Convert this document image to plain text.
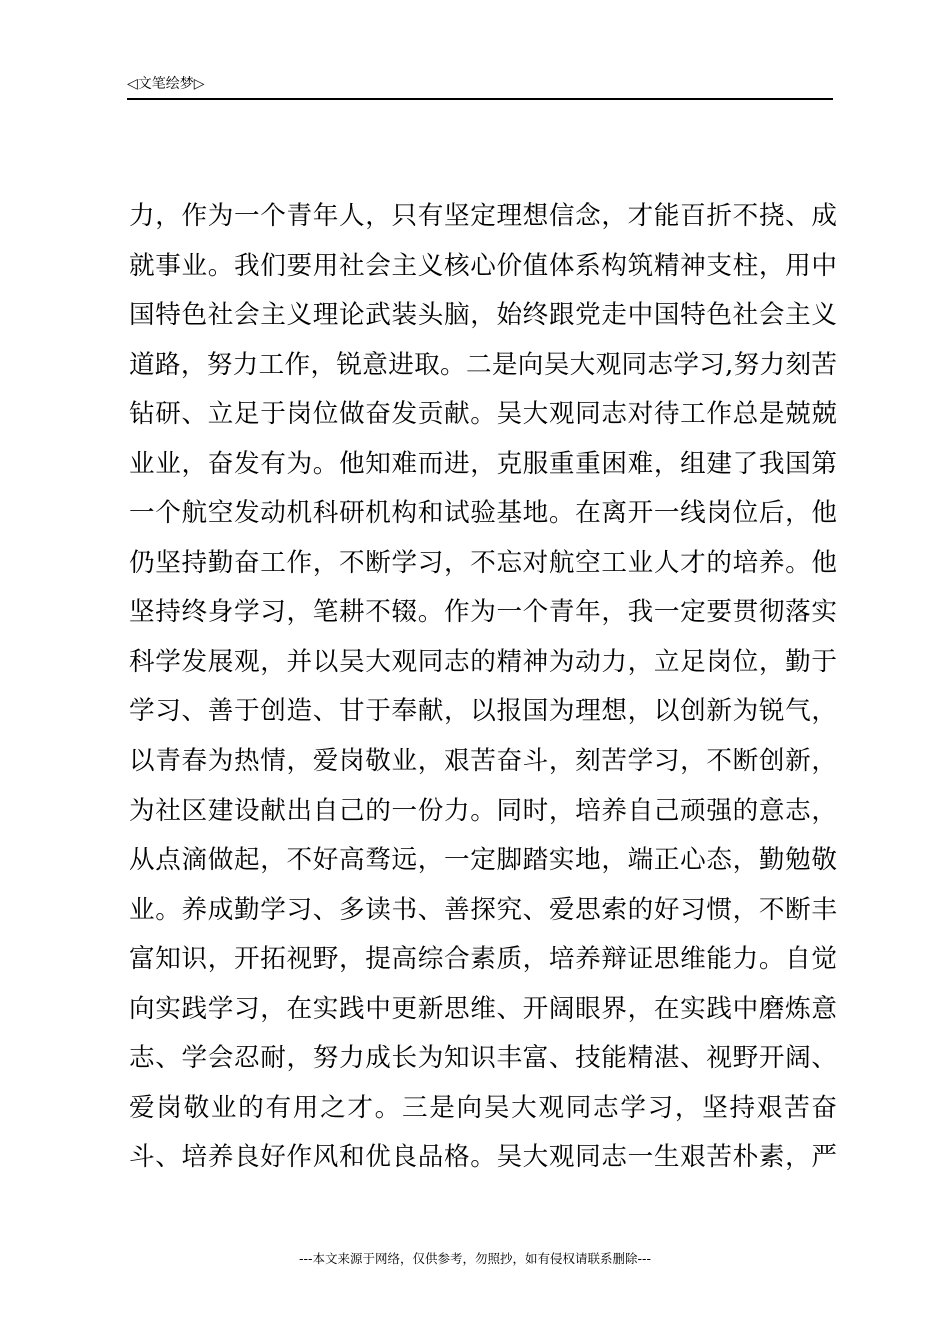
◁文笔绘梦▷
力，作为一个青年人，只有坚定理想信念，才能百折不挠、成
就事业。我们要用社会主义核心价值体系构筑精神支柱，用中
国特色社会主义理论武装头脑，始终跟党走中国特色社会主义
道路，努力工作，锐意进取。二是向吴大观同志学习,努力刻苦
钻研、立足于岗位做奋发贡献。吴大观同志对待工作总是兢兢
业业，奋发有为。他知难而进，克服重重困难，组建了我国第
一个航空发动机科研机构和试验基地。在离开一线岗位后，他
仍坚持勤奋工作，不断学习，不忘对航空工业人才的培养。他
坚持终身学习，笔耕不辍。作为一个青年，我一定要贯彻落实
科学发展观，并以吴大观同志的精神为动力，立足岗位，勤于
学习、善于创造、甘于奉献，以报国为理想，以创新为锐气，
以青春为热情，爱岗敬业，艰苦奋斗，刻苦学习，不断创新，
为社区建设献出自己的一份力。同时，培养自己顽强的意志，
从点滴做起，不好高骛远，一定脚踏实地，端正心态，勤勉敬
业。养成勤学习、多读书、善探究、爱思索的好习惯，不断丰
富知识，开拓视野，提高综合素质，培养辩证思维能力。自觉
向实践学习，在实践中更新思维、开阔眼界，在实践中磨炼意
志、学会忍耐，努力成长为知识丰富、技能精湛、视野开阔、
爱岗敬业的有用之才。三是向吴大观同志学习，坚持艰苦奋
斗、培养良好作风和优良品格。吴大观同志一生艰苦朴素，严
---本文来源于网络，仅供参考，勿照抄，如有侵权请联系删除---
